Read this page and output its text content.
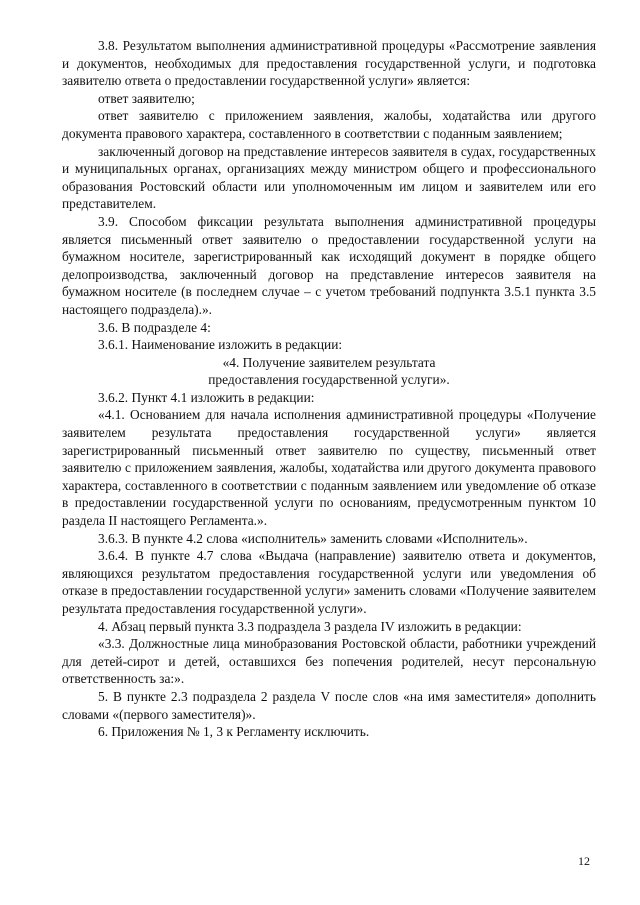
3.8. Результатом выполнения административной процедуры «Рассмотрение заявления и документов, необходимых для предоставления государственной услуги, и подготовка заявителю ответа о предоставлении государственной услуги» является:

ответ заявителю;

ответ заявителю с приложением заявления, жалобы, ходатайства или другого документа правового характера, составленного в соответствии с поданным заявлением;

заключенный договор на представление интересов заявителя в судах, государственных и муниципальных органах, организациях между министром общего и профессионального образования Ростовский области или уполномоченным им лицом и заявителем или его представителем.

3.9. Способом фиксации результата выполнения административной процедуры является письменный ответ заявителю о предоставлении государственной услуги на бумажном носителе, зарегистрированный как исходящий документ в порядке общего делопроизводства, заключенный договор на представление интересов заявителя на бумажном носителе (в последнем случае – с учетом требований подпункта 3.5.1 пункта 3.5 настоящего подраздела).».

3.6. В подразделе 4:

3.6.1. Наименование изложить в редакции:

«4. Получение заявителем результата

предоставления государственной услуги».

3.6.2. Пункт 4.1 изложить в редакции:

«4.1. Основанием для начала исполнения административной процедуры «Получение заявителем результата предоставления государственной услуги» является зарегистрированный письменный ответ заявителю по существу, письменный ответ заявителю с приложением заявления, жалобы, ходатайства или другого документа правового характера, составленного в соответствии с поданным заявлением или уведомление об отказе в предоставлении государственной услуги по основаниям, предусмотренным пунктом 10 раздела II настоящего Регламента.».

3.6.3. В пункте 4.2 слова «исполнитель» заменить словами «Исполнитель».

3.6.4. В пункте 4.7 слова «Выдача (направление) заявителю ответа и документов, являющихся результатом предоставления государственной услуги или уведомления об отказе в предоставлении государственной услуги» заменить словами «Получение заявителем результата предоставления государственной услуги».

4. Абзац первый пункта 3.3 подраздела 3 раздела IV изложить в редакции:

«3.3. Должностные лица минобразования Ростовской области, работники учреждений для детей-сирот и детей, оставшихся без попечения родителей, несут персональную ответственность за:».

5. В пункте 2.3 подраздела 2 раздела V после слов «на имя заместителя» дополнить словами «(первого заместителя)».

6. Приложения № 1, 3 к Регламенту исключить.

12
